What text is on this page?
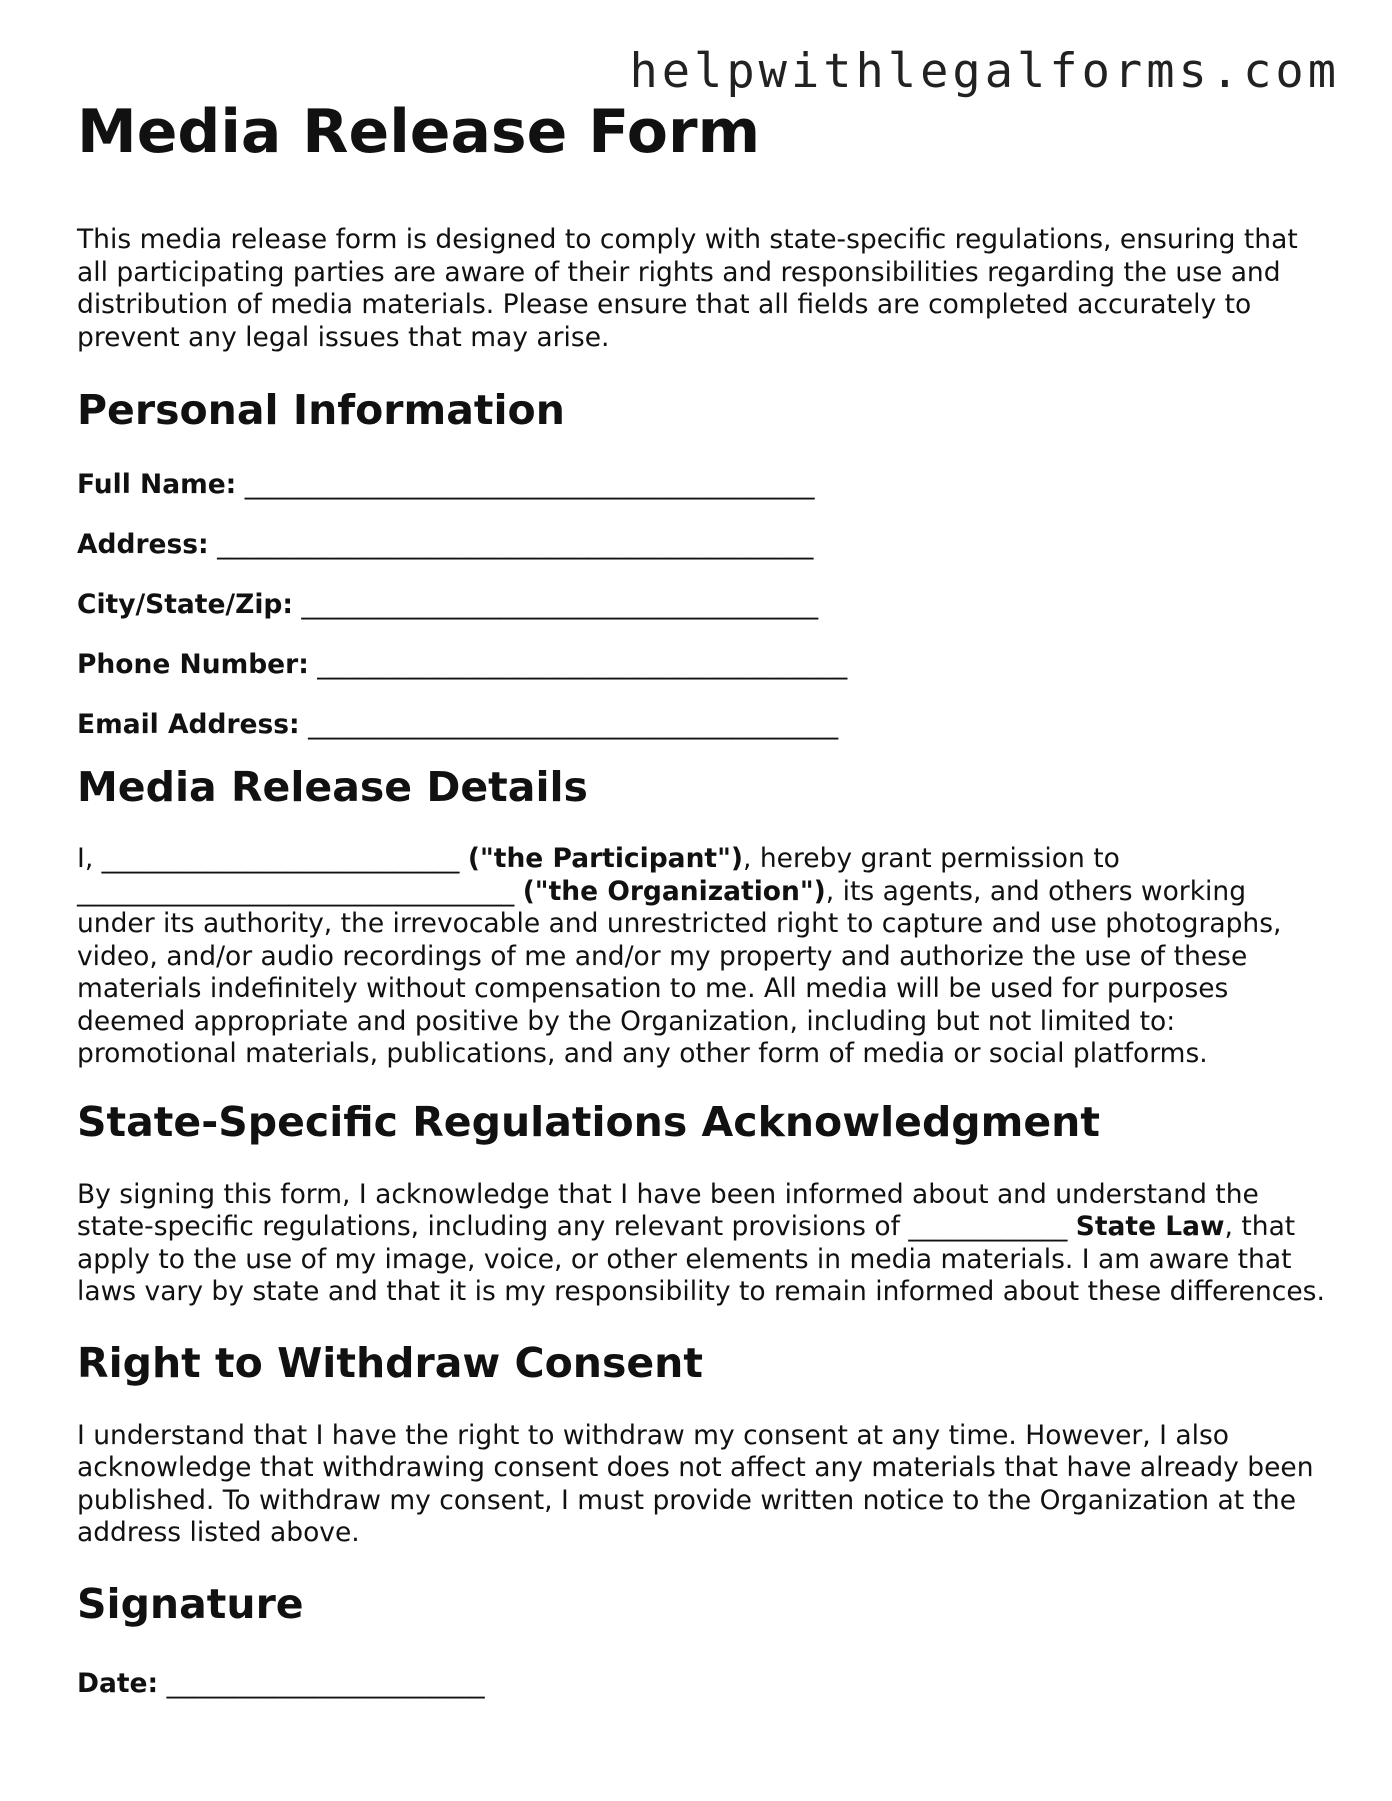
helpwithlegalforms.com
Media Release Form

This media release form is designed to comply with state-specific regulations, ensuring that all participating parties are aware of their rights and responsibilities regarding the use and distribution of media materials. Please ensure that all fields are completed accurately to prevent any legal issues that may arise.

Personal Information
Full Name: ___________________________________________
Address: _____________________________________________
City/State/Zip: _______________________________________
Phone Number: ________________________________________
Email Address: ________________________________________
Media Release Details

I, ___________________________ ("the Participant"), hereby grant permission to _________________________________ ("the Organization"), its agents, and others working under its authority, the irrevocable and unrestricted right to capture and use photographs, video, and/or audio recordings of me and/or my property and authorize the use of these materials indefinitely without compensation to me. All media will be used for purposes deemed appropriate and positive by the Organization, including but not limited to: promotional materials, publications, and any other form of media or social platforms.

State-Specific Regulations Acknowledgment

By signing this form, I acknowledge that I have been informed about and understand the state-specific regulations, including any relevant provisions of ____________ State Law, that apply to the use of my image, voice, or other elements in media materials. I am aware that laws vary by state and that it is my responsibility to remain informed about these differences.

Right to Withdraw Consent

I understand that I have the right to withdraw my consent at any time. However, I also acknowledge that withdrawing consent does not affect any materials that have already been published. To withdraw my consent, I must provide written notice to the Organization at the address listed above.

Signature
Date: ________________________
